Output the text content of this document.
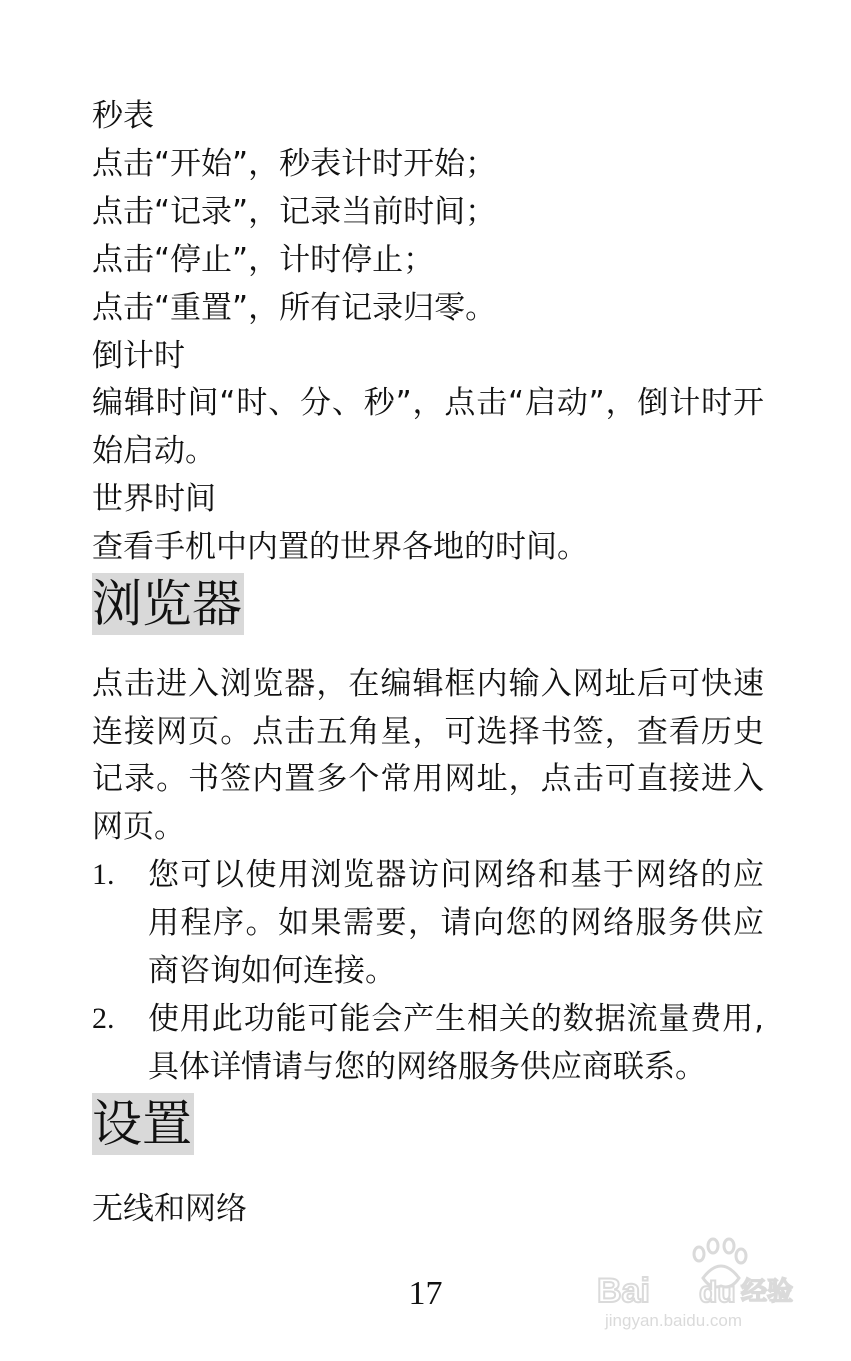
秒表
点击“开始”，秒表计时开始；
点击“记录”，记录当前时间；
点击“停止”，计时停止；
点击“重置”，所有记录归零。
倒计时
编辑时间“时、分、秒”，点击“启动”，倒计时开始启动。
世界时间
查看手机中内置的世界各地的时间。
浏览器
点击进入浏览器，在编辑框内输入网址后可快速连接网页。点击五角星，可选择书签，查看历史记录。书签内置多个常用网址，点击可直接进入网页。
1.	您可以使用浏览器访问网络和基于网络的应用程序。如果需要，请向您的网络服务供应商咨询如何连接。
2.	使用此功能可能会产生相关的数据流量费用,具体详情请与您的网络服务供应商联系。
设置
无线和网络
17	Bai du 经验
jingyan.baidu.com
